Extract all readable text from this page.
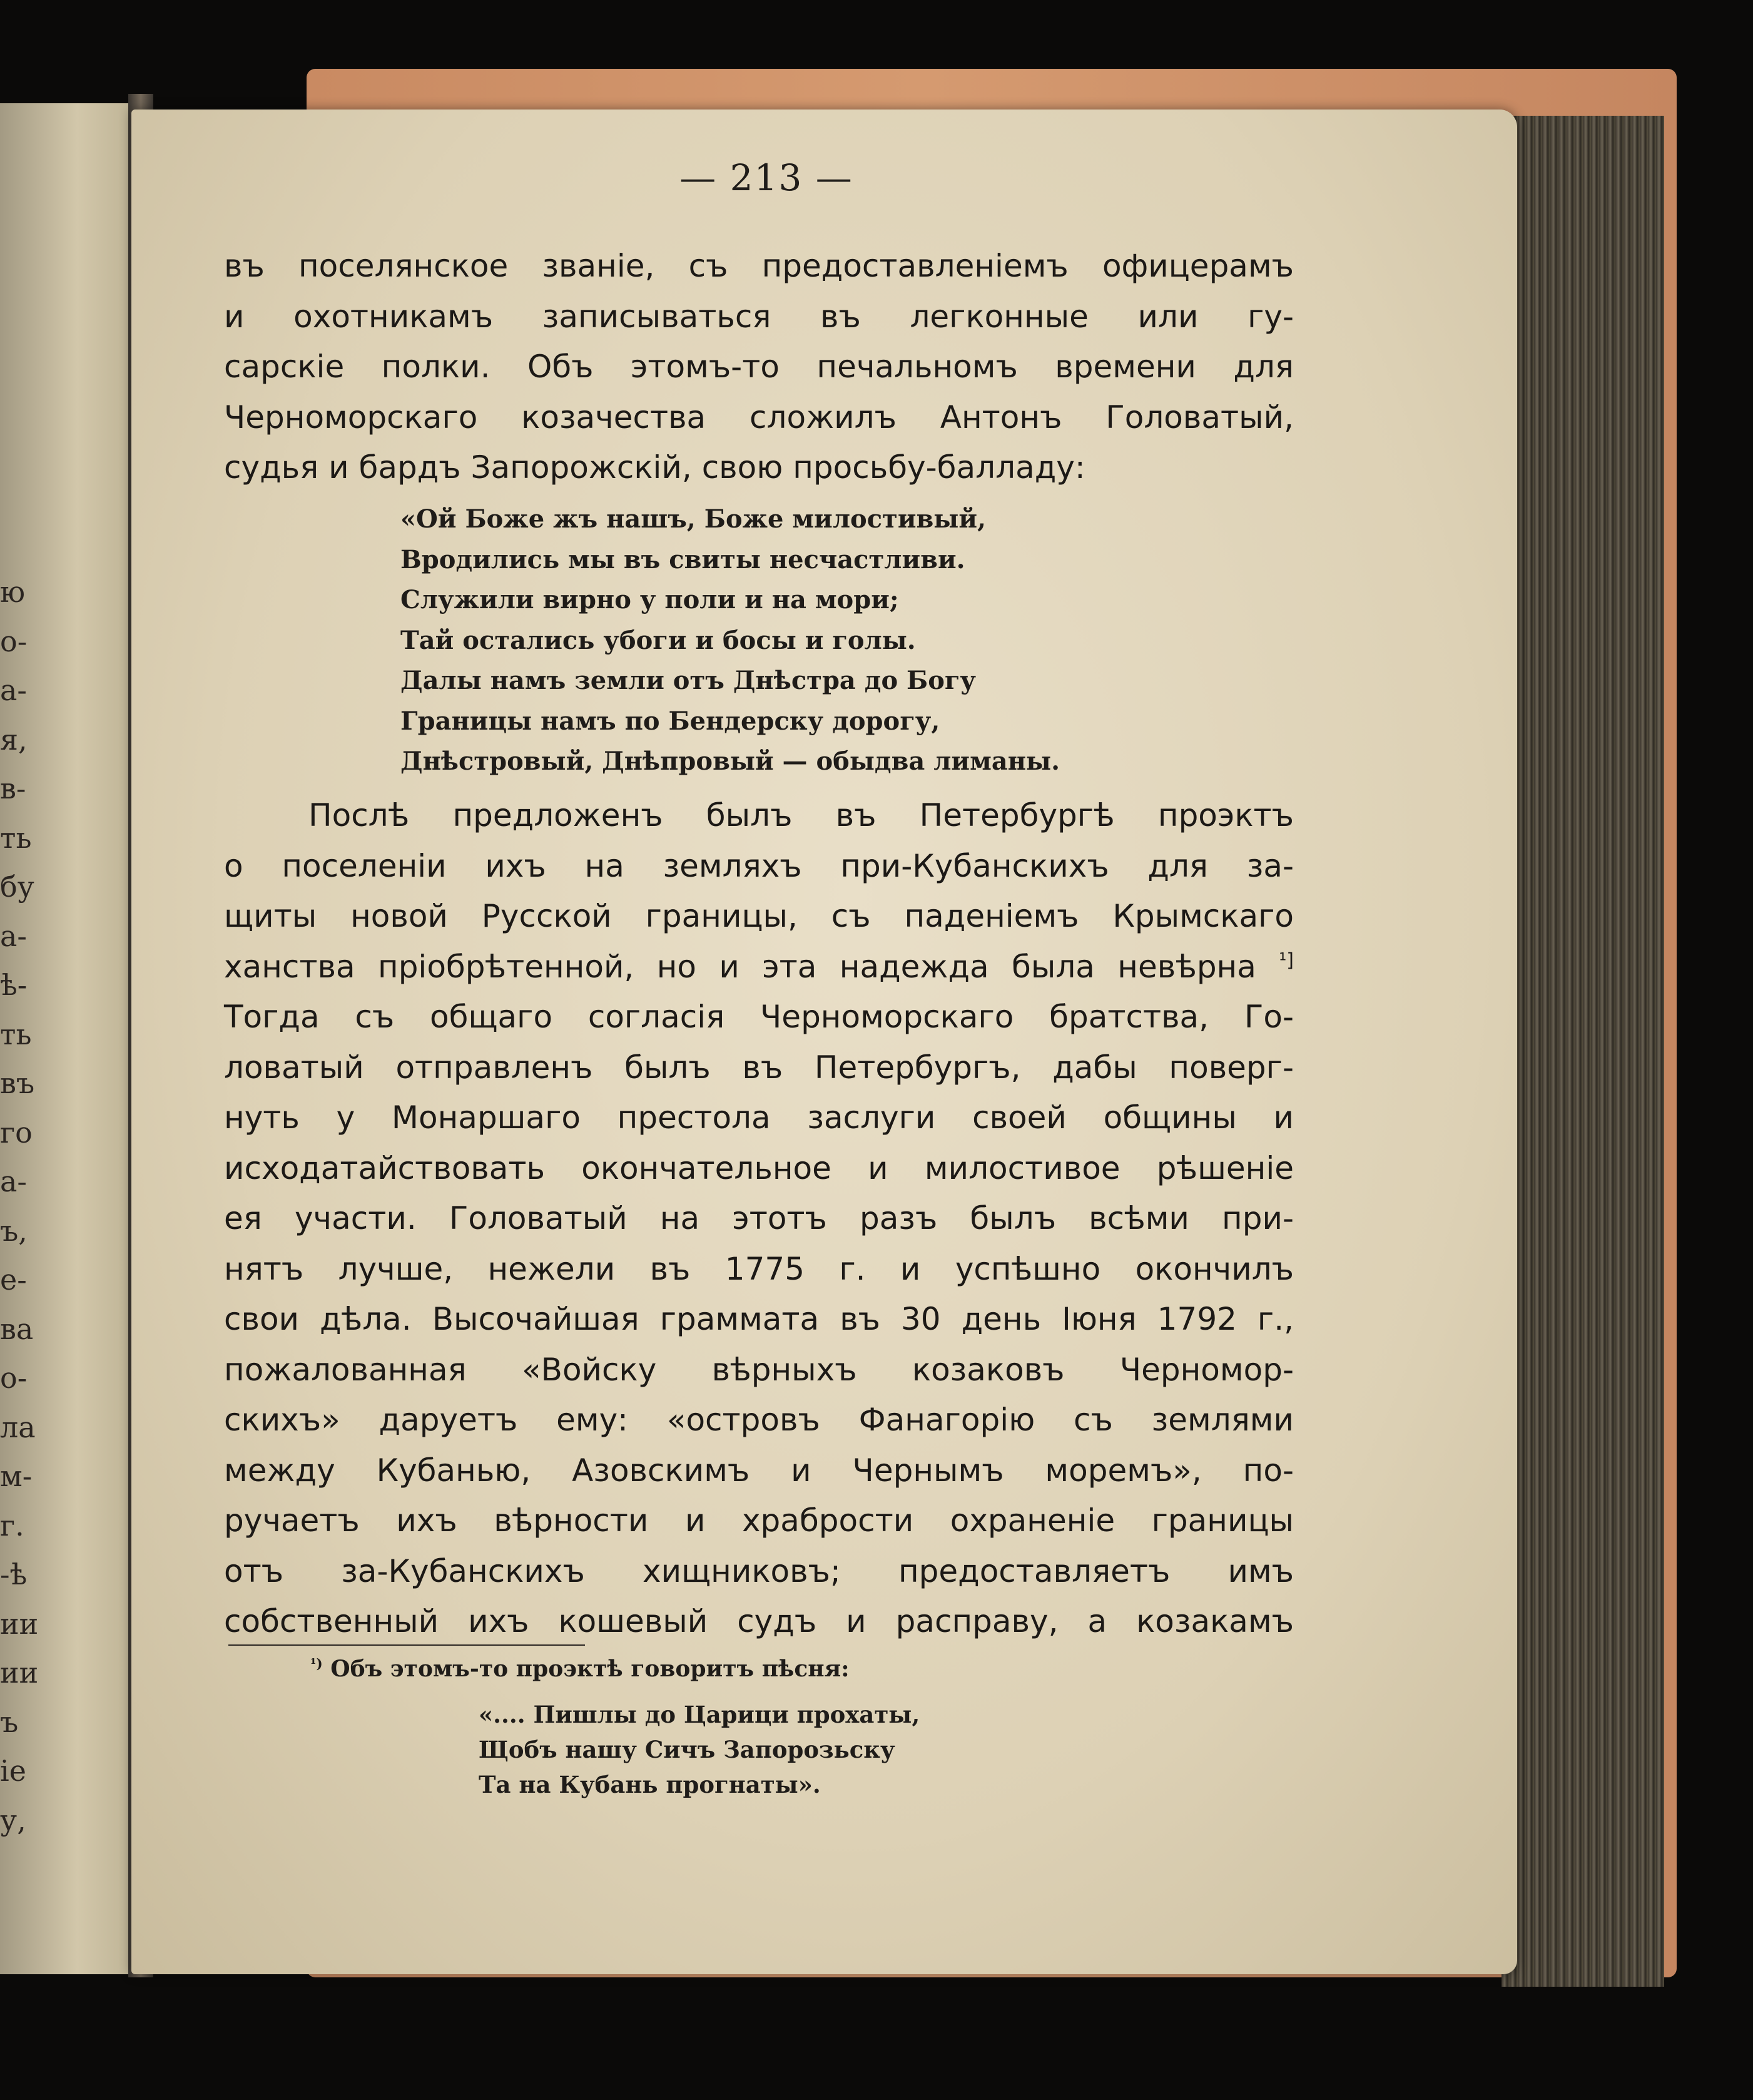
ю
о-
а-
я,
в-
ть
бу
а-
ѣ-
ть
въ
го
а-
ъ,
е-
ва
о-
ла
м-
г.
-ѣ
ии
ии
ъ
іе
у,
— 213 —
въ поселянское званіе, съ предоставленіемъ офицерамъ
и охотникамъ записываться въ легконные или гу-
сарскіе полки. Объ этомъ-то печальномъ времени для
Черноморскаго козачества сложилъ Антонъ Головатый,
судья и бардъ Запорожскій, свою просьбу-балладу:
«Ой Боже жъ нашъ, Боже милостивый,
Вродились мы въ свиты несчастливи.
Служили вирно у поли и на мори;
Тай остались убоги и босы и голы.
Далы намъ земли отъ Днѣстра до Богу
Границы намъ по Бендерску дорогу,
Днѣстровый, Днѣпровый — обыдва лиманы.
Послѣ предложенъ былъ въ Петербургѣ проэктъ
о поселеніи ихъ на земляхъ при-Кубанскихъ для за-
щиты новой Русской границы, съ паденіемъ Крымскаго
ханства пріобрѣтенной, но и эта надежда была невѣрна $^{^1]}$
Тогда съ общаго согласія Черноморскаго братства, Го-
ловатый отправленъ былъ въ Петербургъ, дабы поверг-
нуть у Монаршаго престола заслуги своей общины и
исходатайствовать окончательное и милостивое рѣшеніе
ея участи. Головатый на этотъ разъ былъ всѣми при-
нятъ лучше, нежели въ 1775 г. и успѣшно окончилъ
свои дѣла. Высочайшая граммата въ 30 день Іюня 1792 г.,
пожалованная «Войску вѣрныхъ козаковъ Черномор-
скихъ» даруетъ ему: «островъ Фанагорію съ землями
между Кубанью, Азовскимъ и Чернымъ моремъ», по-
ручаетъ ихъ вѣрности и храбрости охраненіе границы
отъ за-Кубанскихъ хищниковъ; предоставляетъ имъ
собственный ихъ кошевый судъ и расправу, а козакамъ
$^{^1)}$ Объ этомъ-то проэктѣ говоритъ пѣсня:
«.... Пишлы до Царици прохаты,
Щобъ нашу Сичъ Запорозьску
Та на Кубань прогнаты».
